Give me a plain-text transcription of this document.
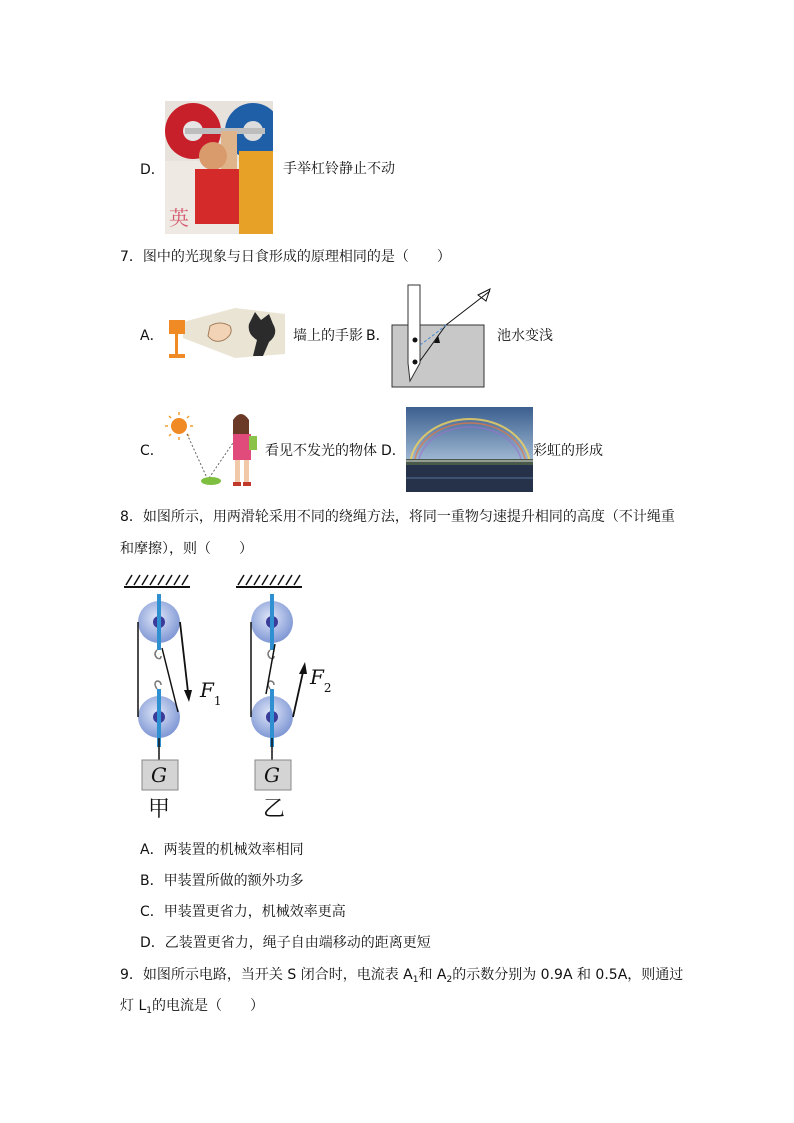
D．
英
手举杠铃静止不动
7．图中的光现象与日食形成的原理相同的是（　　）
A．	墙上的手影 B．	池水变浅
C．	看见不发光的物体 D．	彩虹的形成
8．如图所示，用两滑轮采用不同的绕绳方法，将同一重物匀速提升相同的高度（不计绳重
和摩擦），则（　　）
G	G
$F_1$
$F_2$
甲	乙
A．两装置的机械效率相同
B．甲装置所做的额外功多
C．甲装置更省力，机械效率更高
D．乙装置更省力，绳子自由端移动的距离更短
9．如图所示电路，当开关 S 闭合时，电流表 $A_1$和 $A_2$的示数分别为 0.9A 和 0.5A，则通过
灯 $L_1$的电流是（　　）
